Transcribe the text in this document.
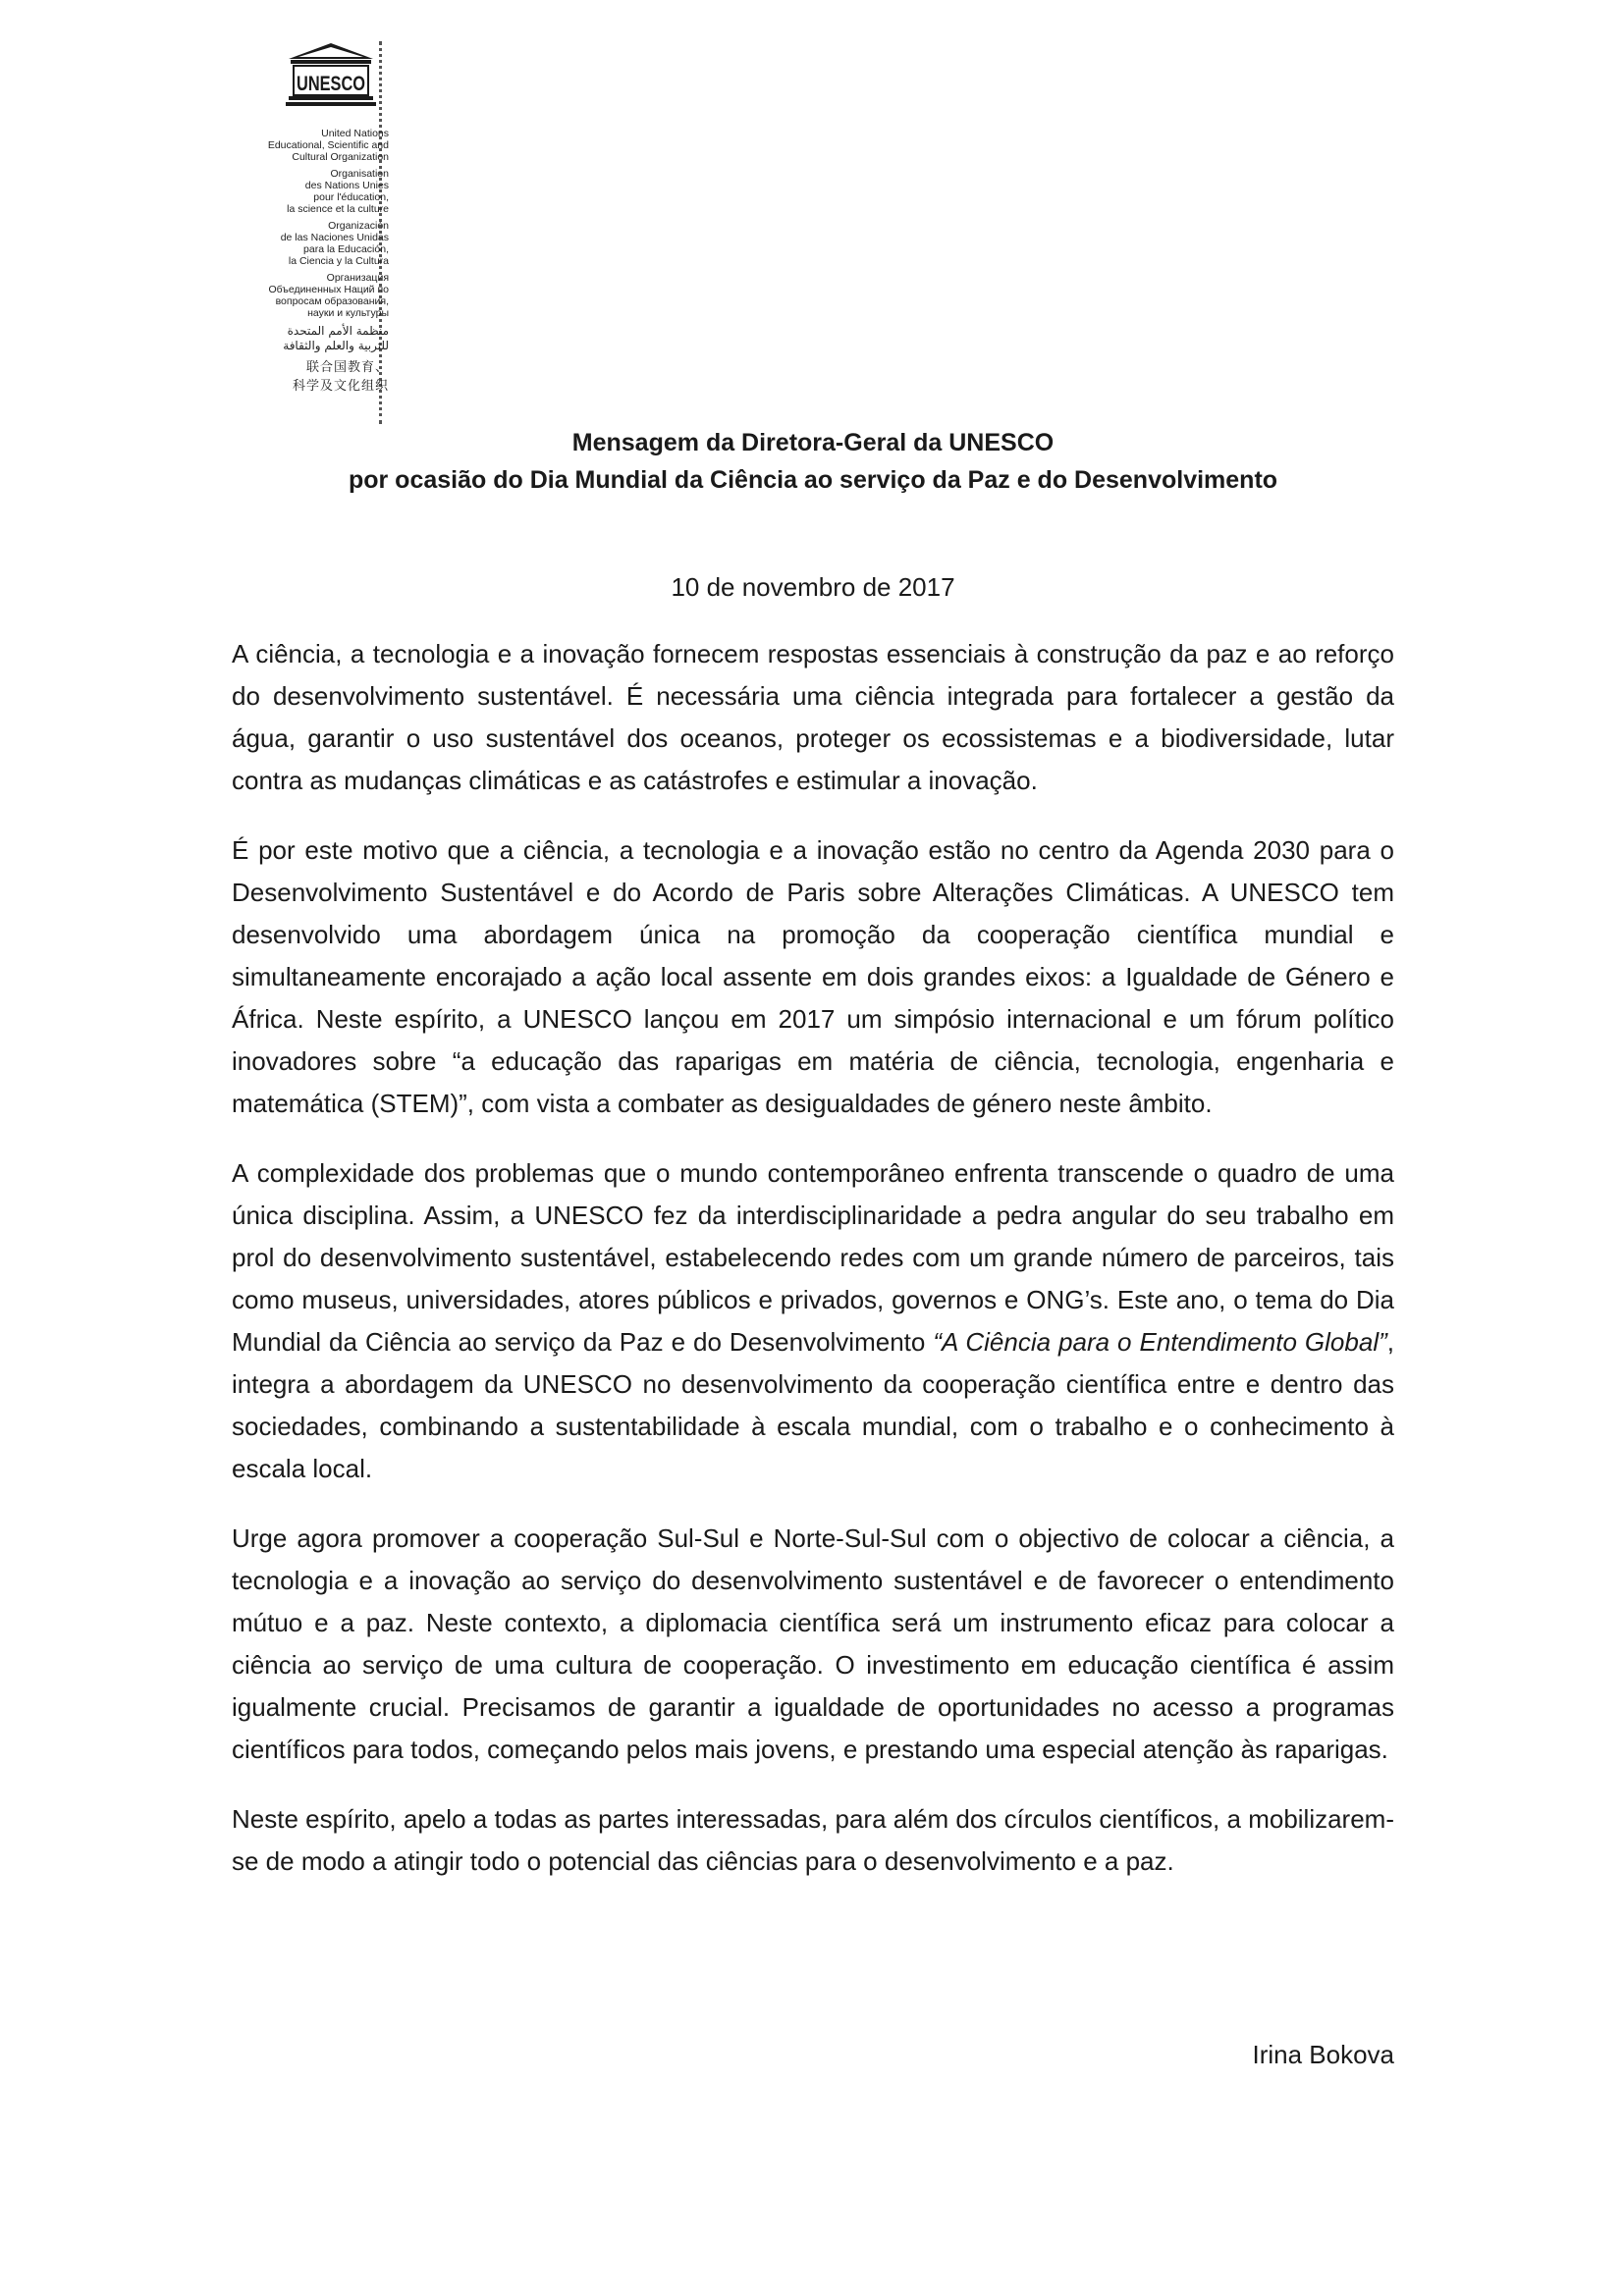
UNESCO
United Nations
Educational, Scientific and
Cultural Organization
Organisation
des Nations Unies
pour l'éducation,
la science et la culture
Organización
de las Naciones Unidas
para la Educación,
la Ciencia y la Cultura
Организация
Объединенных Наций по
вопросам образования,
науки и культуры
منظمة الأمم المتحدة
للتربية والعلم والثقافة
联合国教育、
科学及文化组织
Mensagem da Diretora-Geral da UNESCO
por ocasião do Dia Mundial da Ciência ao serviço da Paz e do Desenvolvimento
10 de novembro de 2017

A ciência, a tecnologia e a inovação fornecem respostas essenciais à construção da paz e ao reforço do desenvolvimento sustentável. É necessária uma ciência integrada para fortalecer a gestão da água, garantir o uso sustentável dos oceanos, proteger os ecossistemas e a biodiversidade, lutar contra as mudanças climáticas e as catástrofes e estimular a inovação.

É por este motivo que a ciência, a tecnologia e a inovação estão no centro da Agenda 2030 para o Desenvolvimento Sustentável e do Acordo de Paris sobre Alterações Climáticas. A UNESCO tem desenvolvido uma abordagem única na promoção da cooperação científica mundial e simultaneamente encorajado a ação local assente em dois grandes eixos: a Igualdade de Género e África. Neste espírito, a UNESCO lançou em 2017 um simpósio internacional e um fórum político inovadores sobre “a educação das raparigas em matéria de ciência, tecnologia, engenharia e matemática (STEM)”, com vista a combater as desigualdades de género neste âmbito.

A complexidade dos problemas que o mundo contemporâneo enfrenta transcende o quadro de uma única disciplina. Assim, a UNESCO fez da interdisciplinaridade a pedra angular do seu trabalho em prol do desenvolvimento sustentável, estabelecendo redes com um grande número de parceiros, tais como museus, universidades, atores públicos e privados, governos e ONG’s. Este ano, o tema do Dia Mundial da Ciência ao serviço da Paz e do Desenvolvimento “A Ciência para o Entendimento Global”, integra a abordagem da UNESCO no desenvolvimento da cooperação científica entre e dentro das sociedades, combinando a sustentabilidade à escala mundial, com o trabalho e o conhecimento à escala local.

Urge agora promover a cooperação Sul-Sul e Norte-Sul-Sul com o objectivo de colocar a ciência, a tecnologia e a inovação ao serviço do desenvolvimento sustentável e de favorecer o entendimento mútuo e a paz. Neste contexto, a diplomacia científica será um instrumento eficaz para colocar a ciência ao serviço de uma cultura de cooperação. O investimento em educação científica é assim igualmente crucial. Precisamos de garantir a igualdade de oportunidades no acesso a programas científicos para todos, começando pelos mais jovens, e prestando uma especial atenção às raparigas.

Neste espírito, apelo a todas as partes interessadas, para além dos círculos científicos, a mobilizarem-se de modo a atingir todo o potencial das ciências para o desenvolvimento e a paz.

Irina Bokova
